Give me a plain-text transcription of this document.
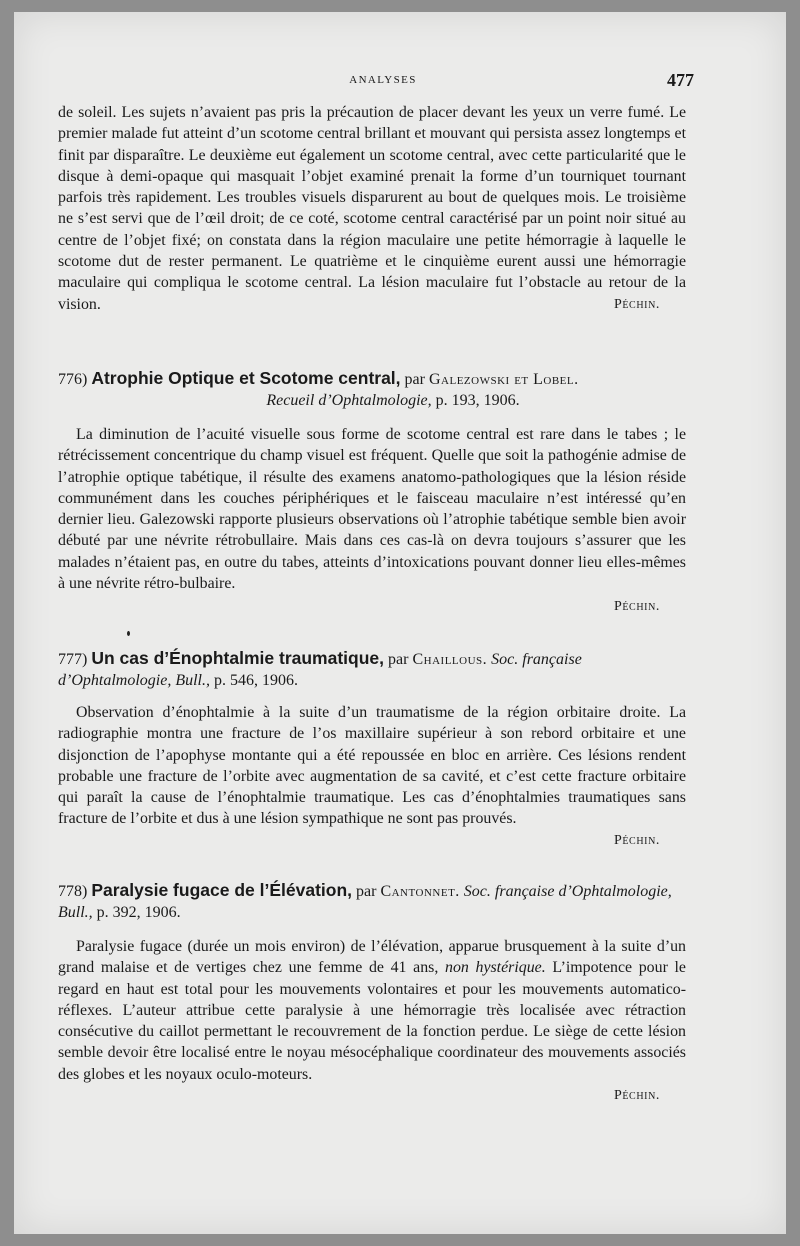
ANALYSES	477

de soleil. Les sujets n’avaient pas pris la précaution de placer devant les yeux un verre fumé. Le premier malade fut atteint d’un scotome central brillant et mouvant qui persista assez longtemps et finit par disparaître. Le deuxième eut également un scotome central, avec cette particularité que le disque à demi-opaque qui masquait l’objet examiné prenait la forme d’un tourniquet tournant parfois très rapidement. Les troubles visuels disparurent au bout de quelques mois. Le troisième ne s’est servi que de l’œil droit; de ce coté, scotome central caractérisé par un point noir situé au centre de l’objet fixé; on constata dans la région maculaire une petite hémorragie à laquelle le scotome dut de rester permanent. Le quatrième et le cinquième eurent aussi une hémorragie maculaire qui compliqua le scotome central. La lésion maculaire fut l’obstacle au retour de la vision.	Péchin.
776) Atrophie Optique et Scotome central, par Galezowski et Lobel.
Recueil d’Ophtalmologie, p. 193, 1906.

La diminution de l’acuité visuelle sous forme de scotome central est rare dans le tabes ; le rétrécissement concentrique du champ visuel est fréquent. Quelle que soit la pathogénie admise de l’atrophie optique tabétique, il résulte des examens anatomo-pathologiques que la lésion réside communément dans les couches périphériques et le faisceau maculaire n’est intéressé qu’en dernier lieu. Galezowski rapporte plusieurs observations où l’atrophie tabétique semble bien avoir débuté par une névrite rétrobullaire. Mais dans ces cas-là on devra toujours s’assurer que les malades n’étaient pas, en outre du tabes, atteints d’intoxications pouvant donner lieu elles-mêmes à une névrite rétro-bulbaire.

Péchin.
777) Un cas d’Énophtalmie traumatique, par Chaillous. Soc. française d’Ophtalmologie, Bull., p. 546, 1906.

Observation d’énophtalmie à la suite d’un traumatisme de la région orbitaire droite. La radiographie montra une fracture de l’os maxillaire supérieur à son rebord orbitaire et une disjonction de l’apophyse montante qui a été repoussée en bloc en arrière. Ces lésions rendent probable une fracture de l’orbite avec augmentation de sa cavité, et c’est cette fracture orbitaire qui paraît la cause de l’énophtalmie traumatique. Les cas d’énophtalmies traumatiques sans fracture de l’orbite et dus à une lésion sympathique ne sont pas prouvés.

Péchin.
778) Paralysie fugace de l’Élévation, par Cantonnet. Soc. française d’Ophtalmologie, Bull., p. 392, 1906.

Paralysie fugace (durée un mois environ) de l’élévation, apparue brusquement à la suite d’un grand malaise et de vertiges chez une femme de 41 ans, non hystérique. L’impotence pour le regard en haut est total pour les mouvements volontaires et pour les mouvements automatico-réflexes. L’auteur attribue cette paralysie à une hémorragie très localisée avec rétraction consécutive du caillot permettant le recouvrement de la fonction perdue. Le siège de cette lésion semble devoir être localisé entre le noyau mésocéphalique coordinateur des mouvements associés des globes et les noyaux oculo-moteurs.

Péchin.
